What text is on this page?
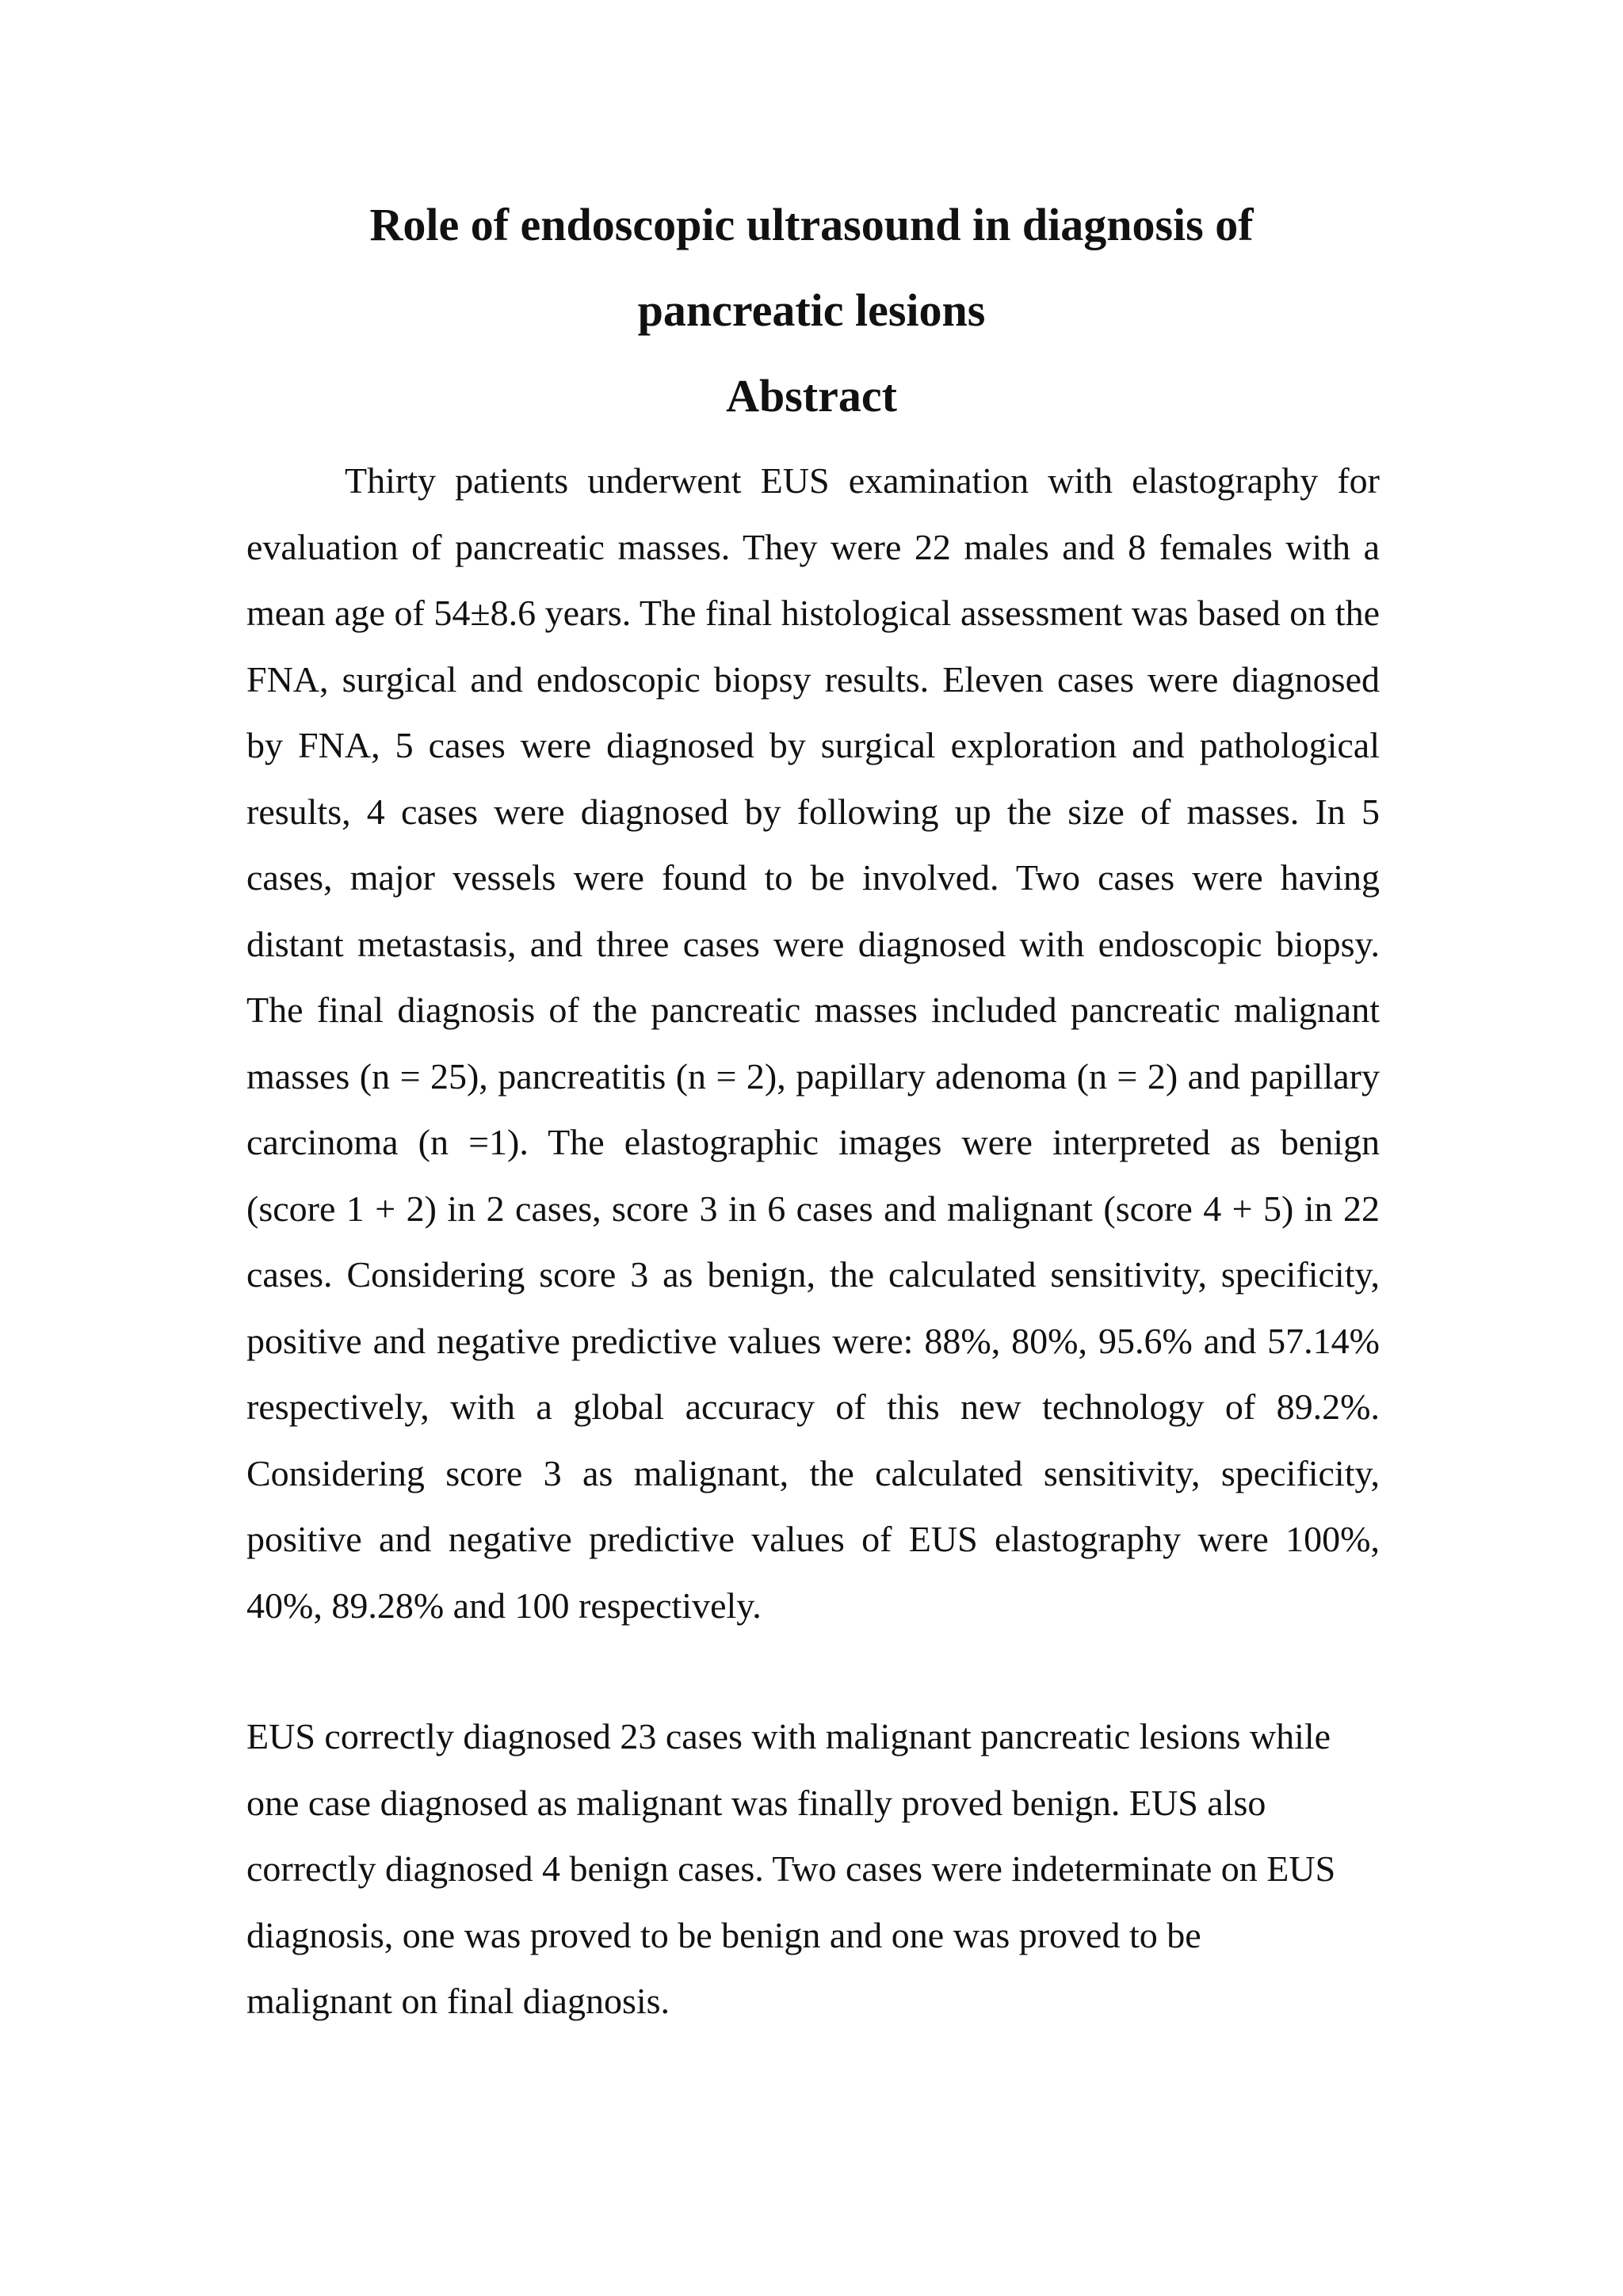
Role of endoscopic ultrasound in diagnosis of
pancreatic lesions
Abstract

Thirty patients underwent EUS examination with elastography for evaluation of pancreatic masses. They were 22 males and 8 females with a mean age of 54±8.6 years. The final histological assessment was based on the FNA, surgical and endoscopic biopsy results. Eleven cases were diagnosed by FNA, 5 cases were diagnosed by surgical exploration and pathological results, 4 cases were diagnosed by following up the size of masses. In 5 cases, major vessels were found to be involved. Two cases were having distant metastasis, and three cases were diagnosed with endoscopic biopsy. The final diagnosis of the pancreatic masses included pancreatic malignant masses (n = 25), pancreatitis (n = 2), papillary adenoma (n = 2) and papillary carcinoma (n =1). The elastographic images were interpreted as benign (score 1 + 2) in 2 cases, score 3 in 6 cases and malignant (score 4 + 5) in 22 cases. Considering score 3 as benign, the calculated sensitivity, specificity, positive and negative predictive values were: 88%, 80%, 95.6% and 57.14% respectively, with a global accuracy of this new technology of 89.2%. Considering score 3 as malignant, the calculated sensitivity, specificity, positive and negative predictive values of EUS elastography were 100%, 40%, 89.28% and 100 respectively.

EUS correctly diagnosed 23 cases with malignant pancreatic lesions while one case diagnosed as malignant was finally proved benign. EUS also correctly diagnosed 4 benign cases. Two cases were indeterminate on EUS diagnosis, one was proved to be benign and one was proved to be malignant on final diagnosis.
